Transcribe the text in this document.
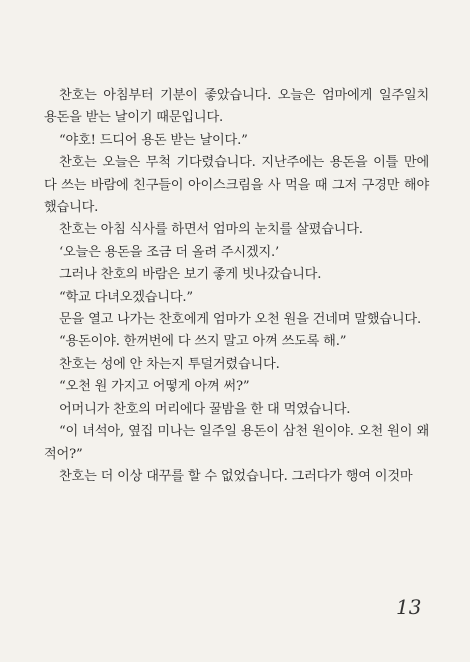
찬호는 아침부터 기분이 좋았습니다. 오늘은 엄마에게 일주일치 용돈을 받는 날이기 때문입니다.

“야호! 드디어 용돈 받는 날이다.”

찬호는 오늘은 무척 기다렸습니다. 지난주에는 용돈을 이틀 만에 다 쓰는 바람에 친구들이 아이스크림을 사 먹을 때 그저 구경만 해야 했습니다.

찬호는 아침 식사를 하면서 엄마의 눈치를 살폈습니다.

‘오늘은 용돈을 조금 더 올려 주시겠지.’

그러나 찬호의 바람은 보기 좋게 빗나갔습니다.

“학교 다녀오겠습니다.”

문을 열고 나가는 찬호에게 엄마가 오천 원을 건네며 말했습니다.

“용돈이야. 한꺼번에 다 쓰지 말고 아껴 쓰도록 해.”

찬호는 성에 안 차는지 투덜거렸습니다.

“오천 원 가지고 어떻게 아껴 써?”

어머니가 찬호의 머리에다 꿀밤을 한 대 먹였습니다.

“이 녀석아, 옆집 미나는 일주일 용돈이 삼천 원이야. 오천 원이 왜 적어?”

찬호는 더 이상 대꾸를 할 수 없었습니다. 그러다가 행여 이것마

13
